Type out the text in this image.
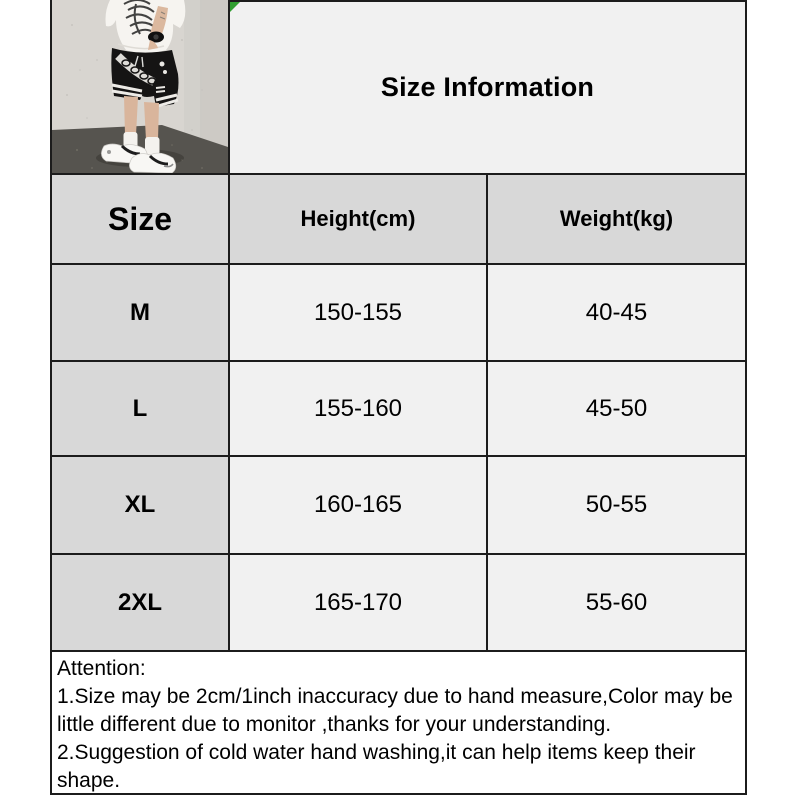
Size Information
Size	Height(cm)	Weight(kg)
M	150-155	40-45
L	155-160	45-50
XL	160-165	50-55
2XL	165-170	55-60
Attention:
1.Size may be 2cm/1inch inaccuracy due to hand measure,Color may be little different due to monitor ,thanks for your understanding.
2.Suggestion of cold water hand washing,it can help items keep their shape.
